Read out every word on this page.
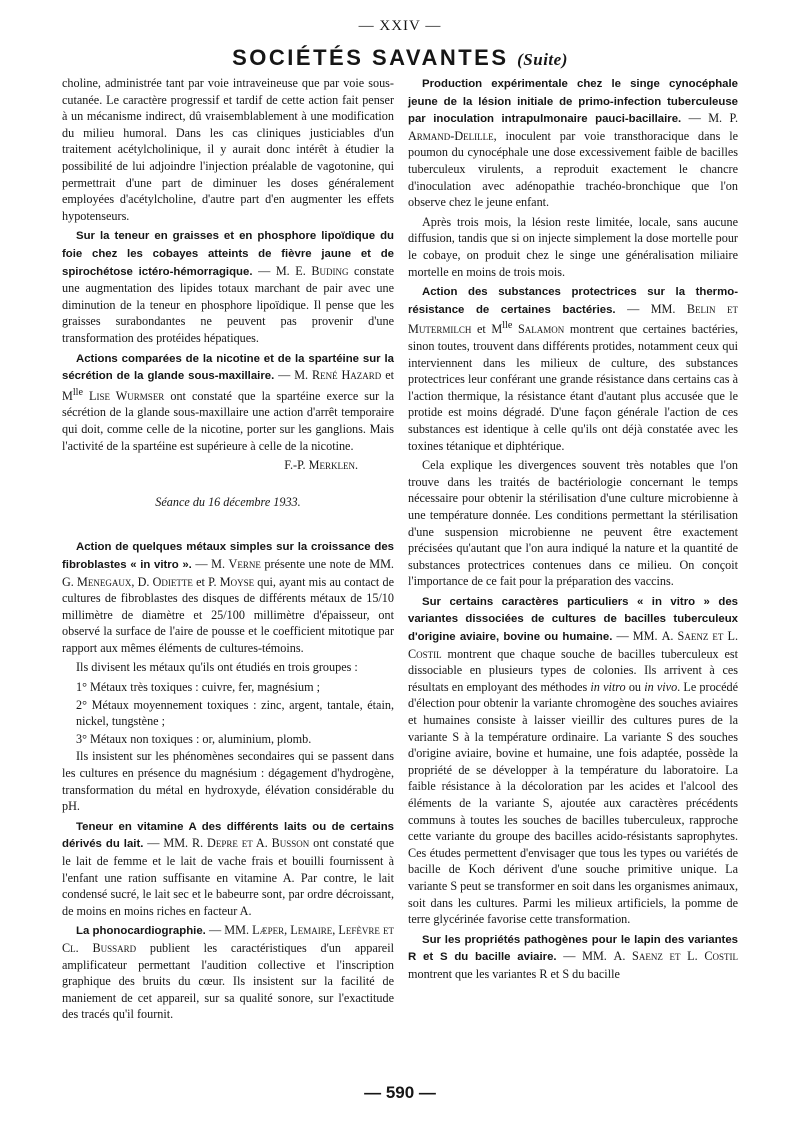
— XXIV —
SOCIÉTÉS SAVANTES (Suite)

choline, administrée tant par voie intraveineuse que par voie sous-cutanée. Le caractère progressif et tardif de cette action fait penser à un mécanisme indirect, dû vraisemblablement à une modification du milieu humoral. Dans les cas cliniques justiciables d'un traitement acétylcholinique, il y aurait donc intérêt à étudier la possibilité de lui adjoindre l'injection préalable de vagotonine, qui permettrait d'une part de diminuer les doses généralement employées d'acétylcholine, d'autre part d'en augmenter les effets hypotenseurs.

Sur la teneur en graisses et en phosphore lipoïdique du foie chez les cobayes atteints de fièvre jaune et de spirochétose ictéro-hémorragique. — M. E. Buding constate une augmentation des lipides totaux marchant de pair avec une diminution de la teneur en phosphore lipoïdique. Il pense que les graisses surabondantes ne peuvent pas provenir d'une transformation des protéides hépatiques.

Actions comparées de la nicotine et de la spartéine sur la sécrétion de la glande sous-maxillaire. — M. René Hazard et $M^{lle}$ Lise Wurmser ont constaté que la spartéine exerce sur la sécrétion de la glande sous-maxillaire une action d'arrêt temporaire qui doit, comme celle de la nicotine, porter sur les ganglions. Mais l'activité de la spartéine est supérieure à celle de la nicotine.

F.-P. Merklen.

Séance du 16 décembre 1933.

Action de quelques métaux simples sur la croissance des fibroblastes « in vitro ». — M. Verne présente une note de MM. G. Menegaux, D. Odiette et P. Moyse qui, ayant mis au contact de cultures de fibroblastes des disques de différents métaux de 15/10 millimètre de diamètre et 25/100 millimètre d'épaisseur, ont observé la surface de l'aire de pousse et le coefficient mitotique par rapport aux mêmes éléments de cultures-témoins.

Ils divisent les métaux qu'ils ont étudiés en trois groupes :

1° Métaux très toxiques : cuivre, fer, magnésium ;

2° Métaux moyennement toxiques : zinc, argent, tantale, étain, nickel, tungstène ;

3° Métaux non toxiques : or, aluminium, plomb.

Ils insistent sur les phénomènes secondaires qui se passent dans les cultures en présence du magnésium : dégagement d'hydrogène, transformation du métal en hydroxyde, élévation considérable du pH.

Teneur en vitamine A des différents laits ou de certains dérivés du lait. — MM. R. Depre et A. Busson ont constaté que le lait de femme et le lait de vache frais et bouilli fournissent à l'enfant une ration suffisante en vitamine A. Par contre, le lait condensé sucré, le lait sec et le babeurre sont, par ordre décroissant, de moins en moins riches en facteur A.

La phonocardiographie. — MM. Læper, Lemaire, Lefèvre et Cl. Bussard publient les caractéristiques d'un appareil amplificateur permettant l'audition collective et l'inscription graphique des bruits du cœur. Ils insistent sur la facilité de maniement de cet appareil, sur sa qualité sonore, sur l'exactitude des tracés qu'il fournit.

Production expérimentale chez le singe cynocéphale jeune de la lésion initiale de primo-infection tuberculeuse par inoculation intrapulmonaire pauci-bacillaire. — M. P. Armand-Delille, inoculent par voie transthoracique dans le poumon du cynocéphale une dose excessivement faible de bacilles tuberculeux virulents, a reproduit exactement le chancre d'inoculation avec adénopathie trachéo-bronchique que l'on observe chez le jeune enfant.

Après trois mois, la lésion reste limitée, locale, sans aucune diffusion, tandis que si on injecte simplement la dose mortelle pour le cobaye, on produit chez le singe une généralisation miliaire mortelle en moins de trois mois.

Action des substances protectrices sur la thermo-résistance de certaines bactéries. — MM. Belin et Mutermilch et $M^{lle}$ Salamon montrent que certaines bactéries, sinon toutes, trouvent dans différents protides, notamment ceux qui interviennent dans les milieux de culture, des substances protectrices leur conférant une grande résistance dans certains cas à l'action thermique, la résistance étant d'autant plus accusée que le protide est moins dégradé. D'une façon générale l'action de ces substances est identique à celle qu'ils ont déjà constatée avec les toxines tétanique et diphtérique.

Cela explique les divergences souvent très notables que l'on trouve dans les traités de bactériologie concernant le temps nécessaire pour obtenir la stérilisation d'une culture microbienne à une température donnée. Les conditions permettant la stérilisation d'une suspension microbienne ne peuvent être exactement précisées qu'autant que l'on aura indiqué la nature et la quantité de substances protectrices contenues dans ce milieu. On conçoit l'importance de ce fait pour la préparation des vaccins.

Sur certains caractères particuliers « in vitro » des variantes dissociées de cultures de bacilles tuberculeux d'origine aviaire, bovine ou humaine. — MM. A. Saenz et L. Costil montrent que chaque souche de bacilles tuberculeux est dissociable en plusieurs types de colonies. Ils arrivent à ces résultats en employant des méthodes in vitro ou in vivo. Le procédé d'élection pour obtenir la variante chromogène des souches aviaires et humaines consiste à laisser vieillir des cultures pures de la variante S à la température ordinaire. La variante S des souches d'origine aviaire, bovine et humaine, une fois adaptée, possède la propriété de se développer à la température du laboratoire. La faible résistance à la décoloration par les acides et l'alcool des éléments de la variante S, ajoutée aux caractères précédents communs à toutes les souches de bacilles tuberculeux, rapproche cette variante du groupe des bacilles acido-résistants saprophytes. Ces études permettent d'envisager que tous les types ou variétés de bacille de Koch dérivent d'une souche primitive unique. La variante S peut se transformer en soit dans les organismes animaux, soit dans les cultures. Parmi les milieux artificiels, la pomme de terre glycérinée favorise cette transformation.

Sur les propriétés pathogènes pour le lapin des variantes R et S du bacille aviaire. — MM. A. Saenz et L. Costil montrent que les variantes R et S du bacille

— 590 —
